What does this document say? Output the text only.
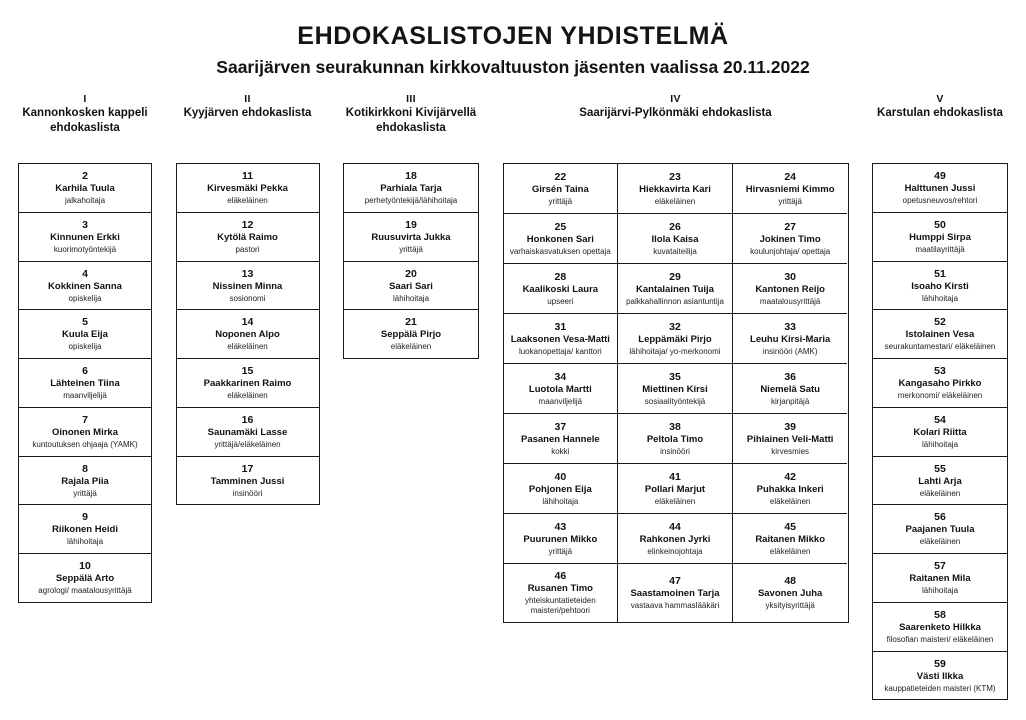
EHDOKASLISTOJEN YHDISTELMÄ
Saarijärven seurakunnan kirkkovaltuuston jäsenten vaalissa 20.11.2022
I
Kannonkosken kappeli ehdokaslista
2
Karhila Tuula
jalkahoitaja
3
Kinnunen Erkki
kuorimotyöntekijä
4
Kokkinen Sanna
opiskelija
5
Kuula Eija
opiskelija
6
Lähteinen Tiina
maanviljelijä
7
Oinonen Mirka
kuntoutuksen ohjaaja (YAMK)
8
Rajala Piia
yrittäjä
9
Riikonen Heidi
lähihoitaja
10
Seppälä Arto
agrologi/ maatalousyrittäjä
II
Kyyjärven ehdokaslista
11
Kirvesmäki Pekka
eläkeläinen
12
Kytölä Raimo
pastori
13
Nissinen Minna
sosionomi
14
Noponen Alpo
eläkeläinen
15
Paakkarinen Raimo
eläkeläinen
16
Saunamäki Lasse
yrittäjä/eläkeläinen
17
Tamminen Jussi
insinööri
III
Kotikirkkoni Kivijärvellä ehdokaslista
18
Parhiala Tarja
perhetyöntekijä/lähihoitaja
19
Ruusuvirta Jukka
yrittäjä
20
Saari Sari
lähihoitaja
21
Seppälä Pirjo
eläkeläinen
IV
Saarijärvi-Pylkönmäki ehdokaslista
22
Girsén Taina
yrittäjä
23
Hiekkavirta Kari
eläkeläinen
24
Hirvasniemi Kimmo
yrittäjä
25
Honkonen Sari
varhaiskasvatuksen opettaja
26
Ilola Kaisa
kuvataiteilija
27
Jokinen Timo
koulunjohtaja/ opettaja
28
Kaalikoski Laura
upseeri
29
Kantalainen Tuija
palkkahallinnon asiantuntija
30
Kantonen Reijo
maatalousyrittäjä
31
Laaksonen Vesa-Matti
luokanopettaja/ kanttori
32
Leppämäki Pirjo
lähihoitaja/ yo-merkonomi
33
Leuhu Kirsi-Maria
insinööri (AMK)
34
Luotola Martti
maanviljelijä
35
Miettinen Kirsi
sosiaalityöntekijä
36
Niemelä Satu
kirjanpitäjä
37
Pasanen Hannele
kokki
38
Peltola Timo
insinööri
39
Pihlainen Veli-Matti
kirvesmies
40
Pohjonen Eija
lähihoitaja
41
Pollari Marjut
eläkeläinen
42
Puhakka Inkeri
eläkeläinen
43
Puurunen Mikko
yrittäjä
44
Rahkonen Jyrki
elinkeinojohtaja
45
Raitanen Mikko
eläkeläinen
46
Rusanen Timo
yhteiskuntatieteiden maisteri/pehtoori
47
Saastamoinen Tarja
vastaava hammaslääkäri
48
Savonen Juha
yksityisyrittäjä
V
Karstulan ehdokaslista
49
Halttunen Jussi
opetusneuvos/rehtori
50
Humppi Sirpa
maatilayrittäjä
51
Isoaho Kirsti
lähihoitaja
52
Istolainen Vesa
seurakuntamestari/ eläkeläinen
53
Kangasaho Pirkko
merkonomi/ eläkeläinen
54
Kolari Riitta
lähihoitaja
55
Lahti Arja
eläkeläinen
56
Paajanen Tuula
eläkeläinen
57
Raitanen Mila
lähihoitaja
58
Saarenketo Hilkka
filosofian maisteri/ eläkeläinen
59
Västi Ilkka
kauppatieteiden maisteri (KTM)
